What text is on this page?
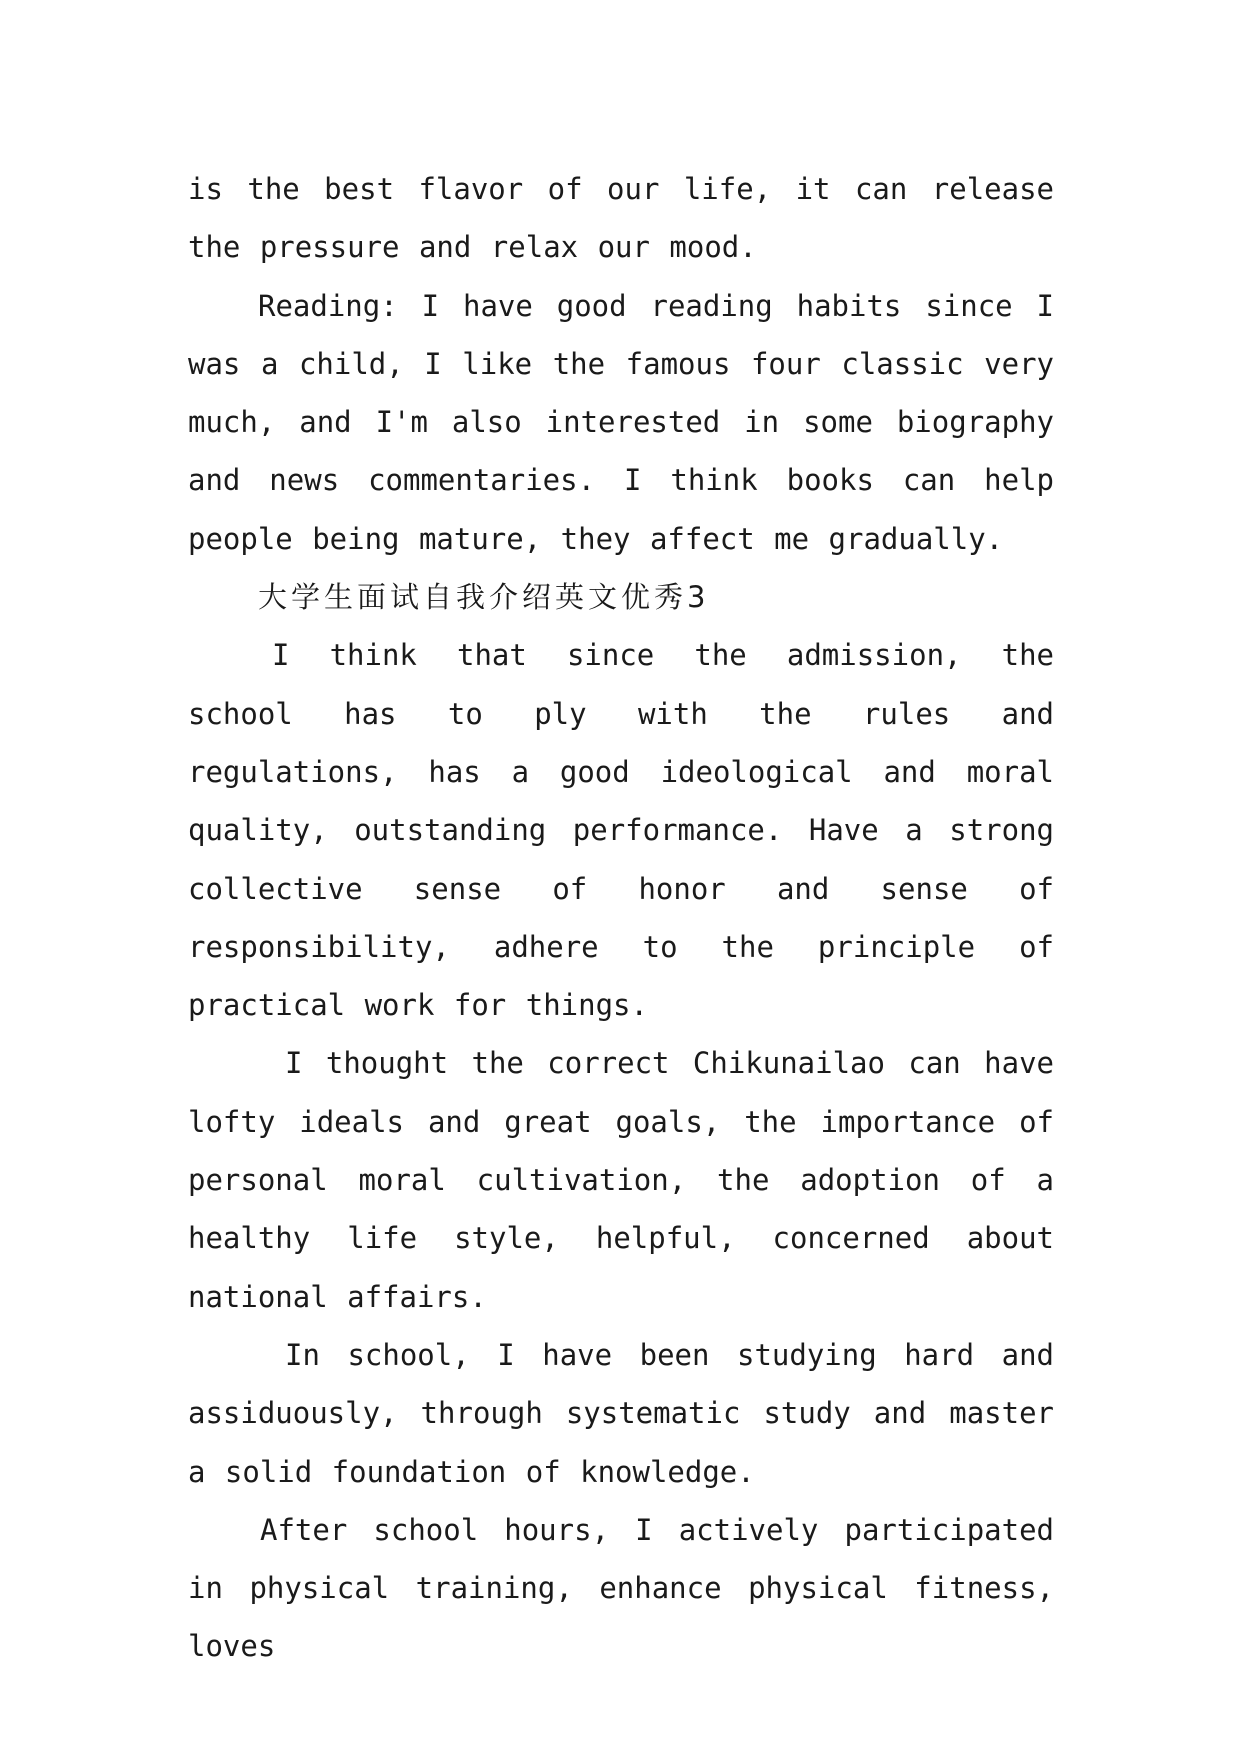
is the best flavor of our life, it can release the pressure and relax our mood.

Reading: I have good reading habits since I was a child, I like the famous four classic very much, and I'm also interested in some biography and news commentaries. I think books can help people being mature, they affect me gradually.

大学生面试自我介绍英文优秀3

I think that since the admission, the school has to ply with the rules and regulations, has a good ideological and moral quality, outstanding performance. Have a strong collective sense of honor and sense of responsibility, adhere to the principle of practical work for things.

I thought the correct Chikunailao can have lofty ideals and great goals, the importance of personal moral cultivation, the adoption of a healthy life style, helpful, concerned about national affairs.

In school, I have been studying hard and assiduously, through systematic study and master a solid foundation of knowledge.

After school hours, I actively participated in physical training, enhance physical fitness, loves
